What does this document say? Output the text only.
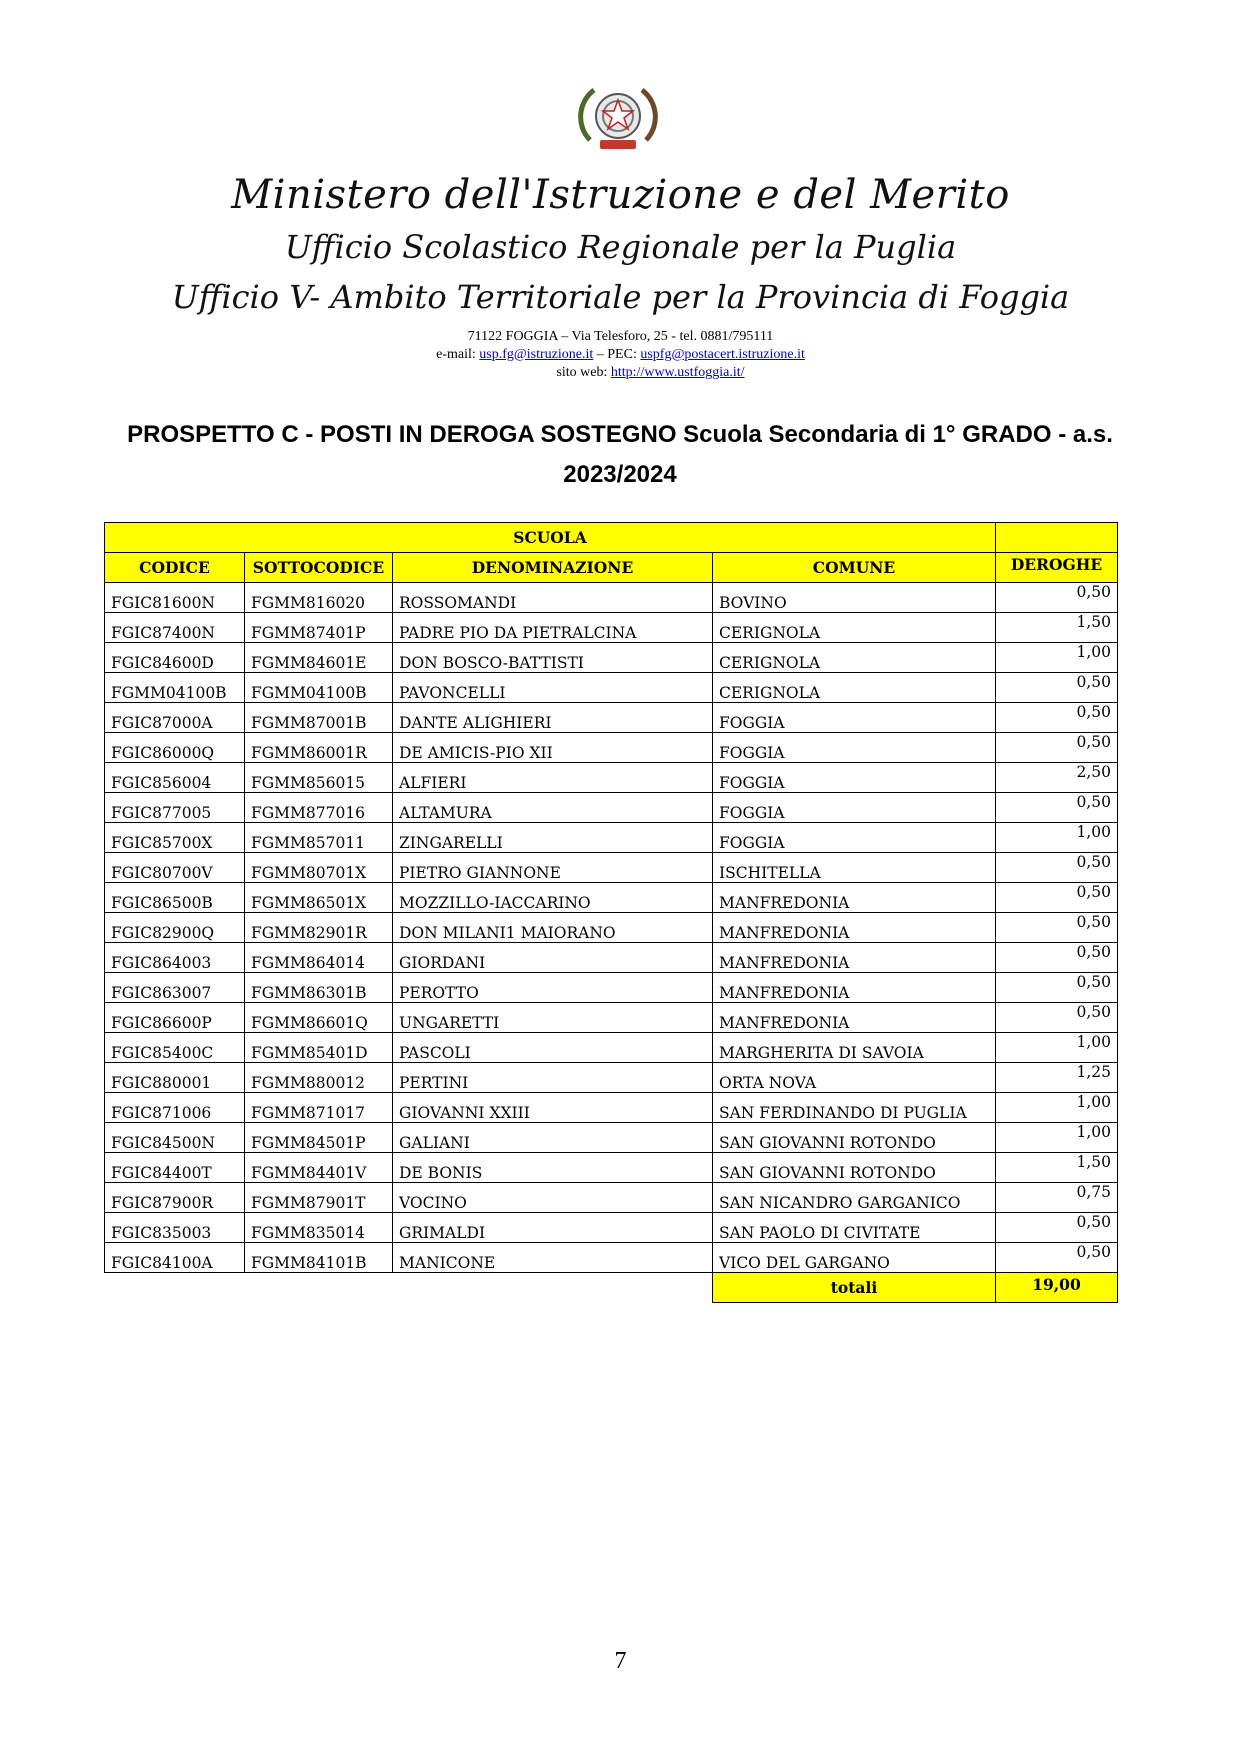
Ministero dell'Istruzione e del Merito
Ufficio Scolastico Regionale per la Puglia
Ufficio V- Ambito Territoriale per la Provincia di Foggia
71122 FOGGIA – Via Telesforo, 25 - tel. 0881/795111
e-mail: usp.fg@istruzione.it – PEC: uspfg@postacert.istruzione.it
sito web: http://www.ustfoggia.it/
PROSPETTO C - POSTI IN DEROGA SOSTEGNO Scuola Secondaria di 1° GRADO - a.s.
2023/2024
SCUOLA				
CODICE	SOTTOCODICE	DENOMINAZIONE	COMUNE	DEROGHE
FGIC81600N	FGMM816020	ROSSOMANDI	BOVINO	0,50
FGIC87400N	FGMM87401P	PADRE PIO DA PIETRALCINA	CERIGNOLA	1,50
FGIC84600D	FGMM84601E	DON BOSCO-BATTISTI	CERIGNOLA	1,00
FGMM04100B	FGMM04100B	PAVONCELLI	CERIGNOLA	0,50
FGIC87000A	FGMM87001B	DANTE ALIGHIERI	FOGGIA	0,50
FGIC86000Q	FGMM86001R	DE AMICIS-PIO XII	FOGGIA	0,50
FGIC856004	FGMM856015	ALFIERI	FOGGIA	2,50
FGIC877005	FGMM877016	ALTAMURA	FOGGIA	0,50
FGIC85700X	FGMM857011	ZINGARELLI	FOGGIA	1,00
FGIC80700V	FGMM80701X	PIETRO GIANNONE	ISCHITELLA	0,50
FGIC86500B	FGMM86501X	MOZZILLO-IACCARINO	MANFREDONIA	0,50
FGIC82900Q	FGMM82901R	DON MILANI1 MAIORANO	MANFREDONIA	0,50
FGIC864003	FGMM864014	GIORDANI	MANFREDONIA	0,50
FGIC863007	FGMM86301B	PEROTTO	MANFREDONIA	0,50
FGIC86600P	FGMM86601Q	UNGARETTI	MANFREDONIA	0,50
FGIC85400C	FGMM85401D	PASCOLI	MARGHERITA DI SAVOIA	1,00
FGIC880001	FGMM880012	PERTINI	ORTA NOVA	1,25
FGIC871006	FGMM871017	GIOVANNI XXIII	SAN FERDINANDO DI PUGLIA	1,00
FGIC84500N	FGMM84501P	GALIANI	SAN GIOVANNI ROTONDO	1,00
FGIC84400T	FGMM84401V	DE BONIS	SAN GIOVANNI ROTONDO	1,50
FGIC87900R	FGMM87901T	VOCINO	SAN NICANDRO GARGANICO	0,75
FGIC835003	FGMM835014	GRIMALDI	SAN PAOLO DI CIVITATE	0,50
FGIC84100A	FGMM84101B	MANICONE	VICO DEL GARGANO	0,50
			totali	19,00
7
